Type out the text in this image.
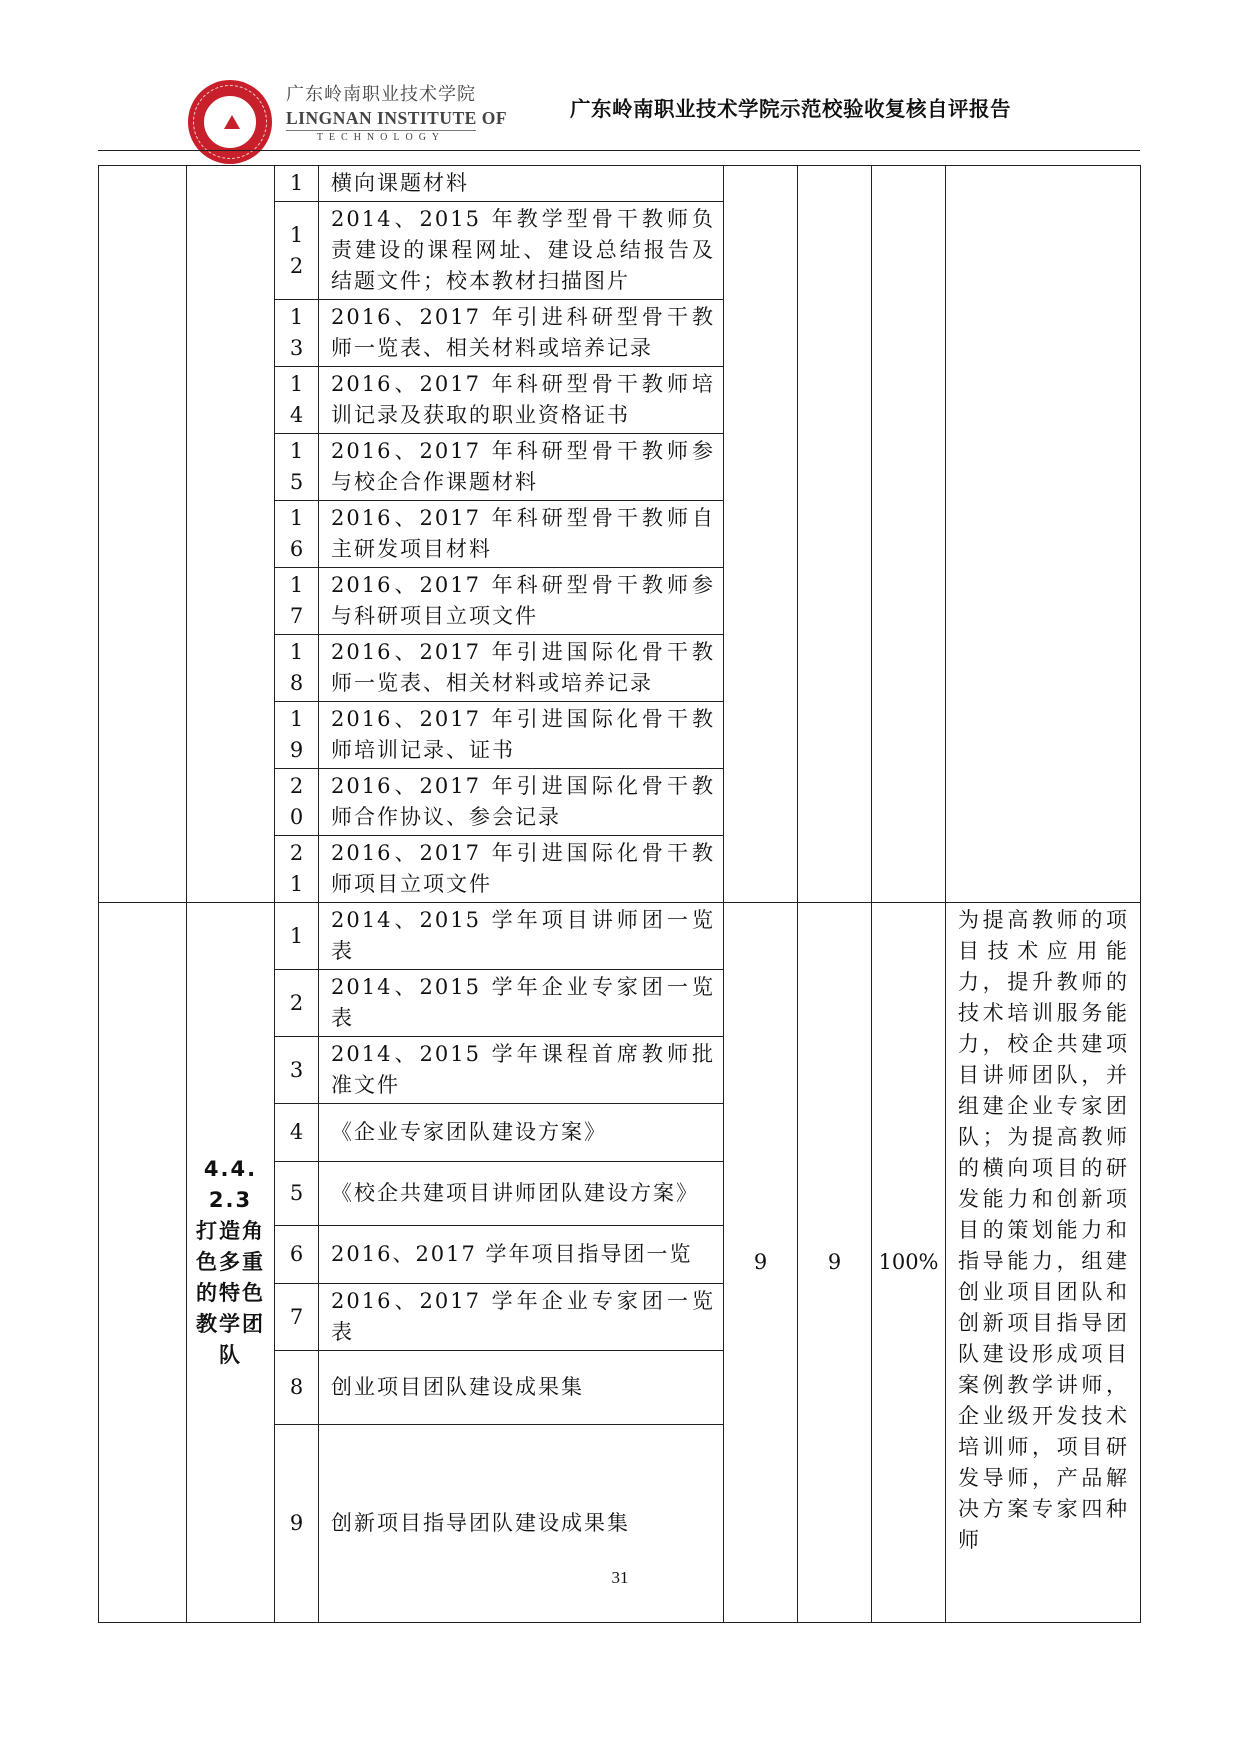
广东岭南职业技术学院
LINGNAN INSTITUTE OF
TECHNOLOGY
广东岭南职业技术学院示范校验收复核自评报告

		1	横向课题材料				

		12	2014、2015 年教学型骨干教师负责建设的课程网址、建设总结报告及结题文件；校本教材扫描图片				

		13	2016、2017 年引进科研型骨干教师一览表、相关材料或培养记录				

		14	2016、2017 年科研型骨干教师培训记录及获取的职业资格证书				

		15	2016、2017 年科研型骨干教师参与校企合作课题材料				

		16	2016、2017 年科研型骨干教师自主研发项目材料				

		17	2016、2017 年科研型骨干教师参与科研项目立项文件				

		18	2016、2017 年引进国际化骨干教师一览表、相关材料或培养记录				

		19	2016、2017 年引进国际化骨干教师培训记录、证书				

		20	2016、2017 年引进国际化骨干教师合作协议、参会记录				

		21	2016、2017 年引进国际化骨干教师项目立项文件				
	4.4.2.3 打造角色多重的特色教学团队	1	2014、2015 学年项目讲师团一览表	9	9	100%	为提高教师的项目技术应用能力，提升教师的技术培训服务能力，校企共建项目讲师团队，并组建企业专家团队；为提高教师的横向项目的研发能力和创新项目的策划能力和指导能力，组建创业项目团队和创新项目指导团队建设形成项目案例教学讲师，企业级开发技术培训师，项目研发导师，产品解决方案专家四种师

		2	2014、2015 学年企业专家团一览表				

		3	2014、2015 学年课程首席教师批准文件				

		4	《企业专家团队建设方案》				

		5	《校企共建项目讲师团队建设方案》				

		6	2016、2017 学年项目指导团一览				

		7	2016、2017 学年企业专家团一览表				

		8	创业项目团队建设成果集				

		9	创新项目指导团队建设成果集				
31
